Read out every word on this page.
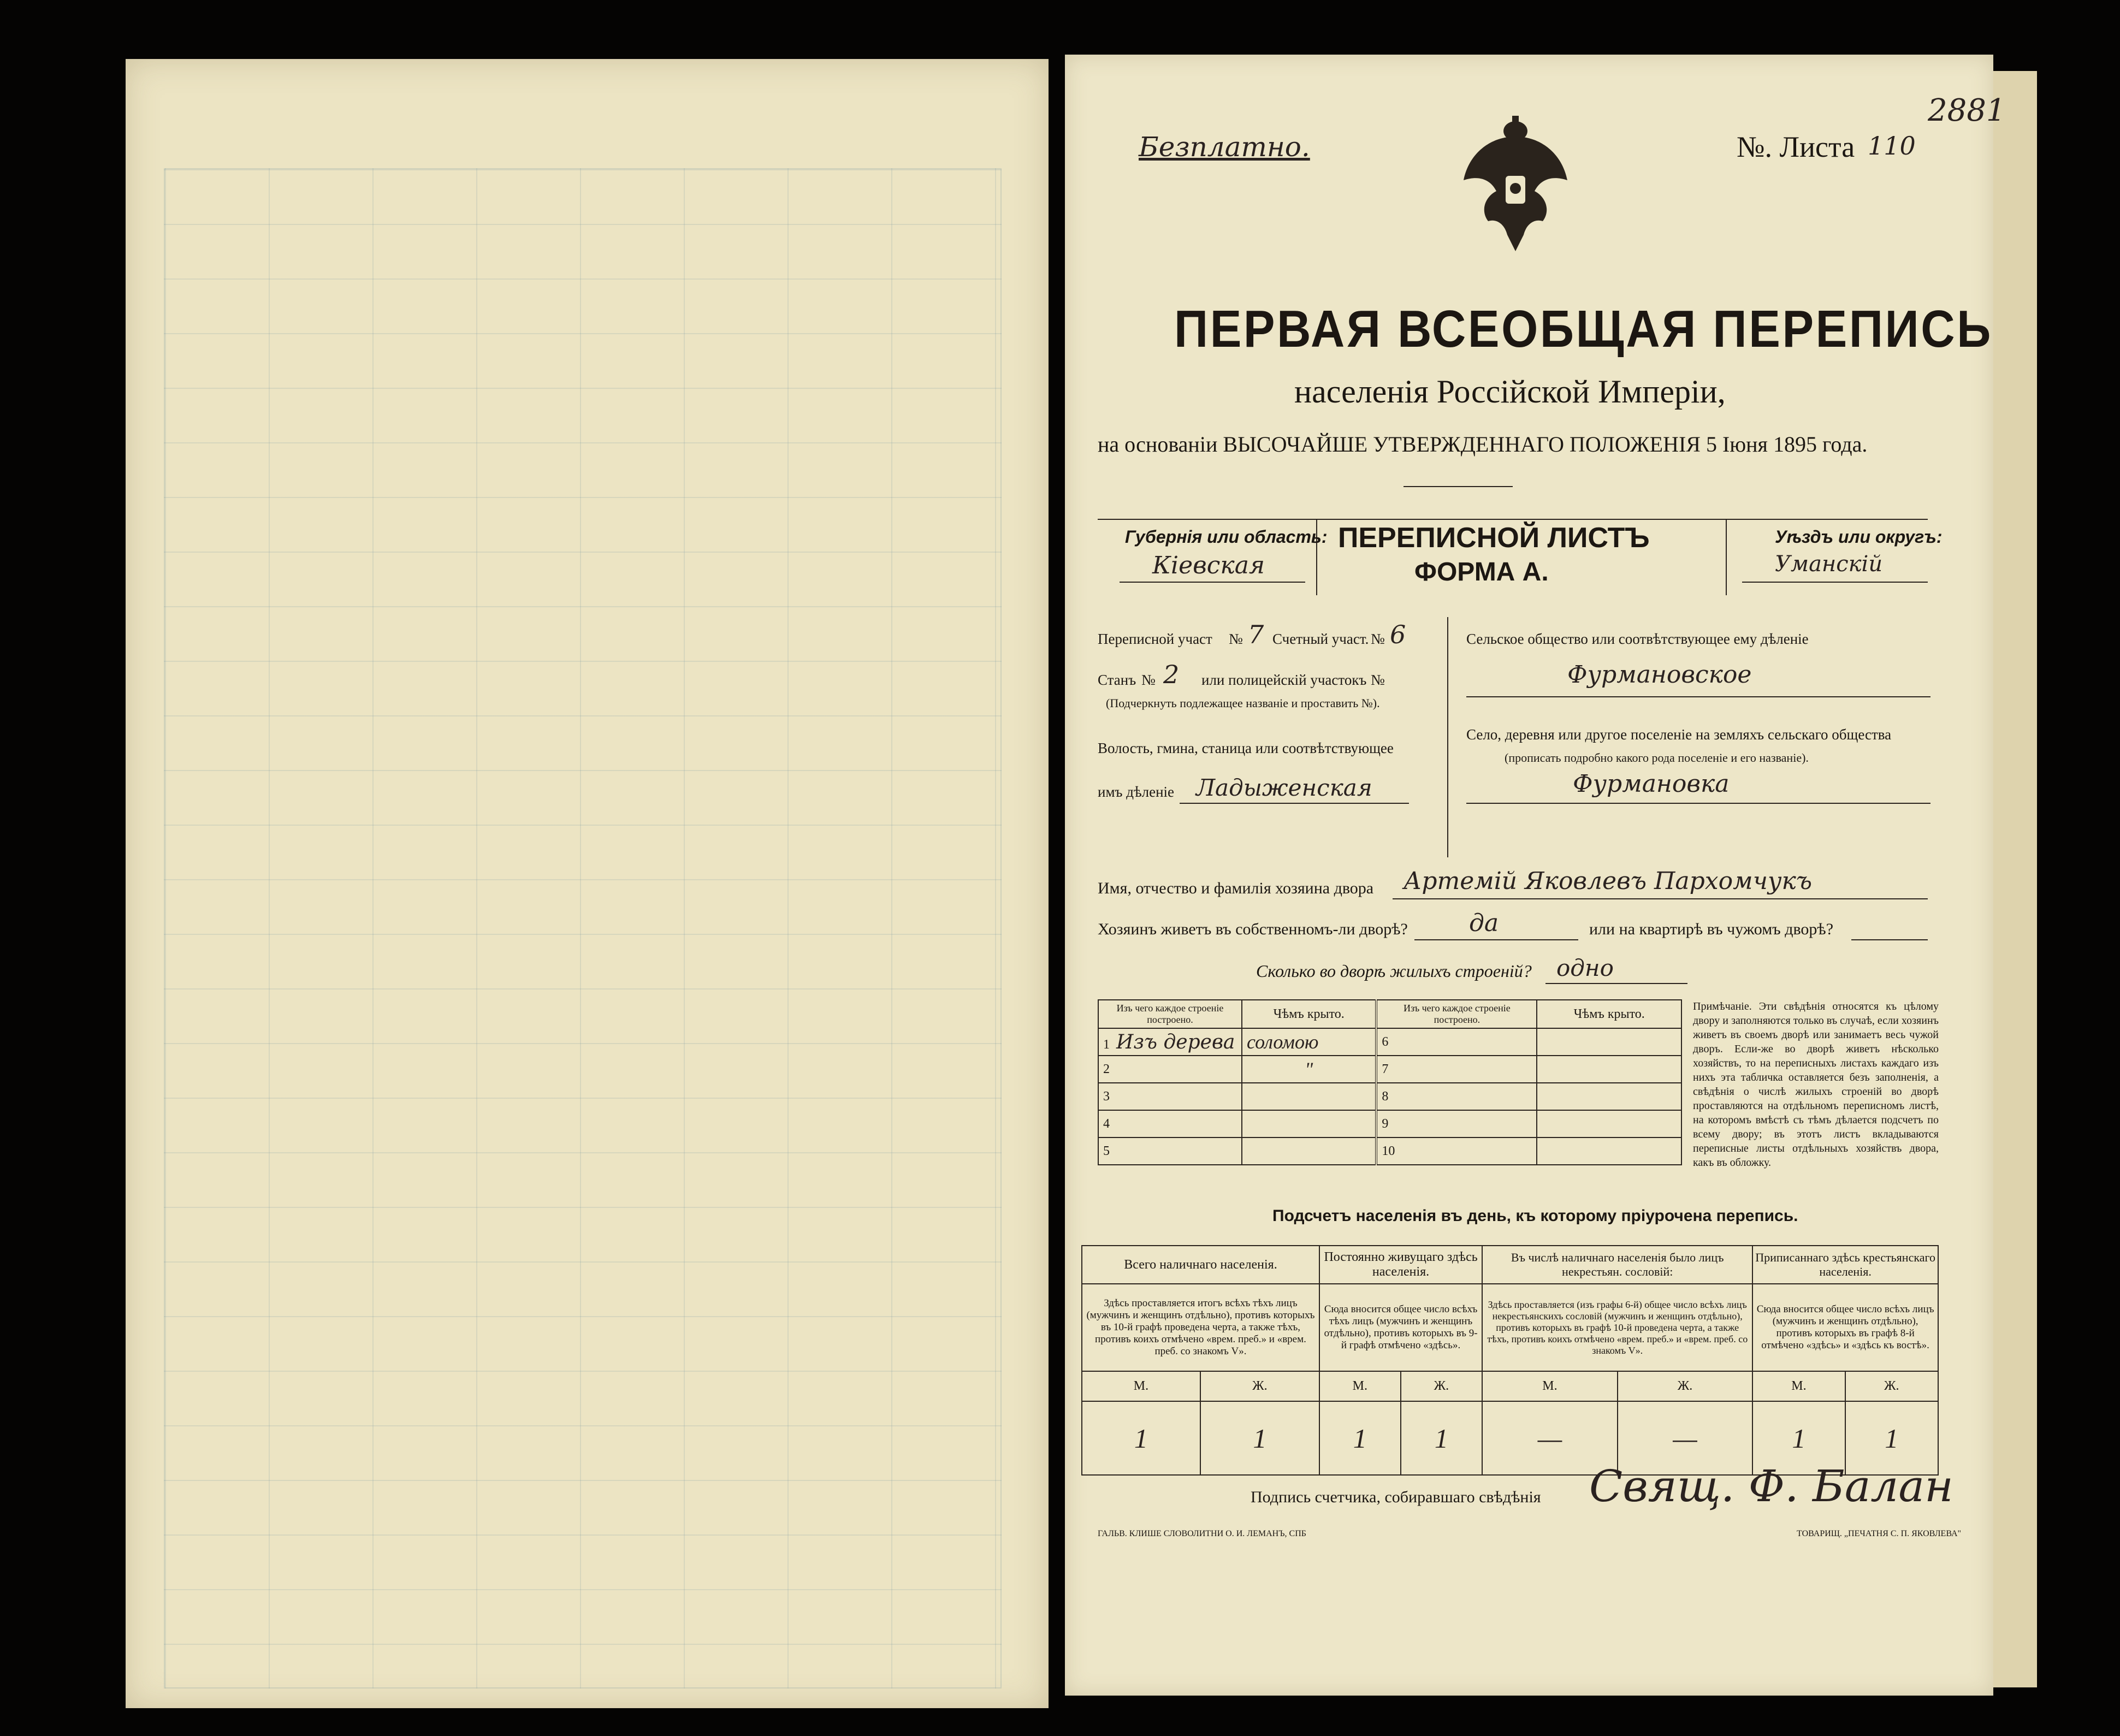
Безплатно.	№. Листа 110
2881
ПЕРВАЯ ВСЕОБЩАЯ ПЕРЕПИСЬ
населенія Россійской Имперіи,
на основаніи ВЫСОЧАЙШЕ УТВЕРЖДЕННАГО ПОЛОЖЕНІЯ 5 Іюня 1895 года.
Губернія или область:
Кіевская
ПЕРЕПИСНОЙ ЛИСТЪ
ФОРМА А.
Уѣздъ или округъ:
Уманскій
Переписной участ № 7 Счетный участ. № 6
Станъ № 2 или полицейскій участокъ №
(Подчеркнуть подлежащее названіе и проставить №).
Волость, гмина, станица или соотвѣтствующее
имъ дѣленіе Ладыженская
Сельское общество или соотвѣтствующее ему дѣленіе
Фурмановское
Село, деревня или другое поселеніе на земляхъ сельскаго общества
(прописать подробно какого рода поселеніе и его названіе).
Фурмановка
Имя, отчество и фамилія хозяина двора Артемій Яковлевъ Пархомчукъ
Хозяинъ живетъ въ собственномъ-ли дворѣ?	да	или на квартирѣ въ чужомъ дворѣ?
Сколько во дворѣ жилыхъ строеній? одно
Изъ чего каждое строеніе построено.	Чѣмъ крыто.	Изъ чего каждое строеніе построено.	Чѣмъ крыто.
1 Изъ дерева	соломою	6	
2	"	7	
3		8	
4		9	
5		10	
Примѣчаніе. Эти свѣдѣнія относятся къ цѣлому двору и заполняются только въ случаѣ, если хозяинъ живетъ въ своемъ дворѣ или занимаетъ весь чужой дворъ. Если-же во дворѣ живетъ нѣсколько хозяйствъ, то на переписныхъ листахъ каждаго изъ нихъ эта табличка оставляется безъ заполненія, а свѣдѣнія о числѣ жилыхъ строеній во дворѣ проставляются на отдѣльномъ переписномъ листѣ, на которомъ вмѣстѣ съ тѣмъ дѣлается подсчетъ по всему двору; въ этотъ листъ вкладываются переписные листы отдѣльныхъ хозяйствъ двора, какъ въ обложку.
Подсчетъ населенія въ день, къ которому пріурочена перепись.
Всего наличнаго населенія.		Постоянно живущаго здѣсь населенія.		Въ числѣ наличнаго населенія было лицъ некрестьян. сословій:		Приписаннаго здѣсь крестьянскаго населенія.	
Здѣсь проставляется итогъ всѣхъ тѣхъ лицъ (мужчинъ и женщинъ отдѣльно), противъ которыхъ въ 10-й графѣ проведена черта, а также тѣхъ, противъ коихъ отмѣчено «врем. преб.» и «врем. преб. со знакомъ V».		Сюда вносится общее число всѣхъ тѣхъ лицъ (мужчинъ и женщинъ отдѣльно), противъ которыхъ въ 9-й графѣ отмѣчено «здѣсь».		Здѣсь проставляется (изъ графы 6-й) общее число всѣхъ лицъ некрестьянскихъ сословій (мужчинъ и женщинъ отдѣльно), противъ которыхъ въ графѣ 10-й проведена черта, а также тѣхъ, противъ коихъ отмѣчено «врем. преб.» и «врем. преб. со знакомъ V».		Сюда вносится общее число всѣхъ лицъ (мужчинъ и женщинъ отдѣльно), противъ которыхъ въ графѣ 8-й отмѣчено «здѣсь» и «здѣсь къ востѣ».	
М.	Ж.	М.	Ж.	М.	Ж.	М.	Ж.
1	1	1	1	—	—	1	1
Подпись счетчика, собиравшаго свѣдѣнія Свящ. Ф. Балан
ГАЛЬВ. КЛИШЕ СЛОВОЛИТНИ О. И. ЛЕМАНЪ, СПБ	ТОВАРИЩ. „ПЕЧАТНЯ С. П. ЯКОВЛЕВА"
